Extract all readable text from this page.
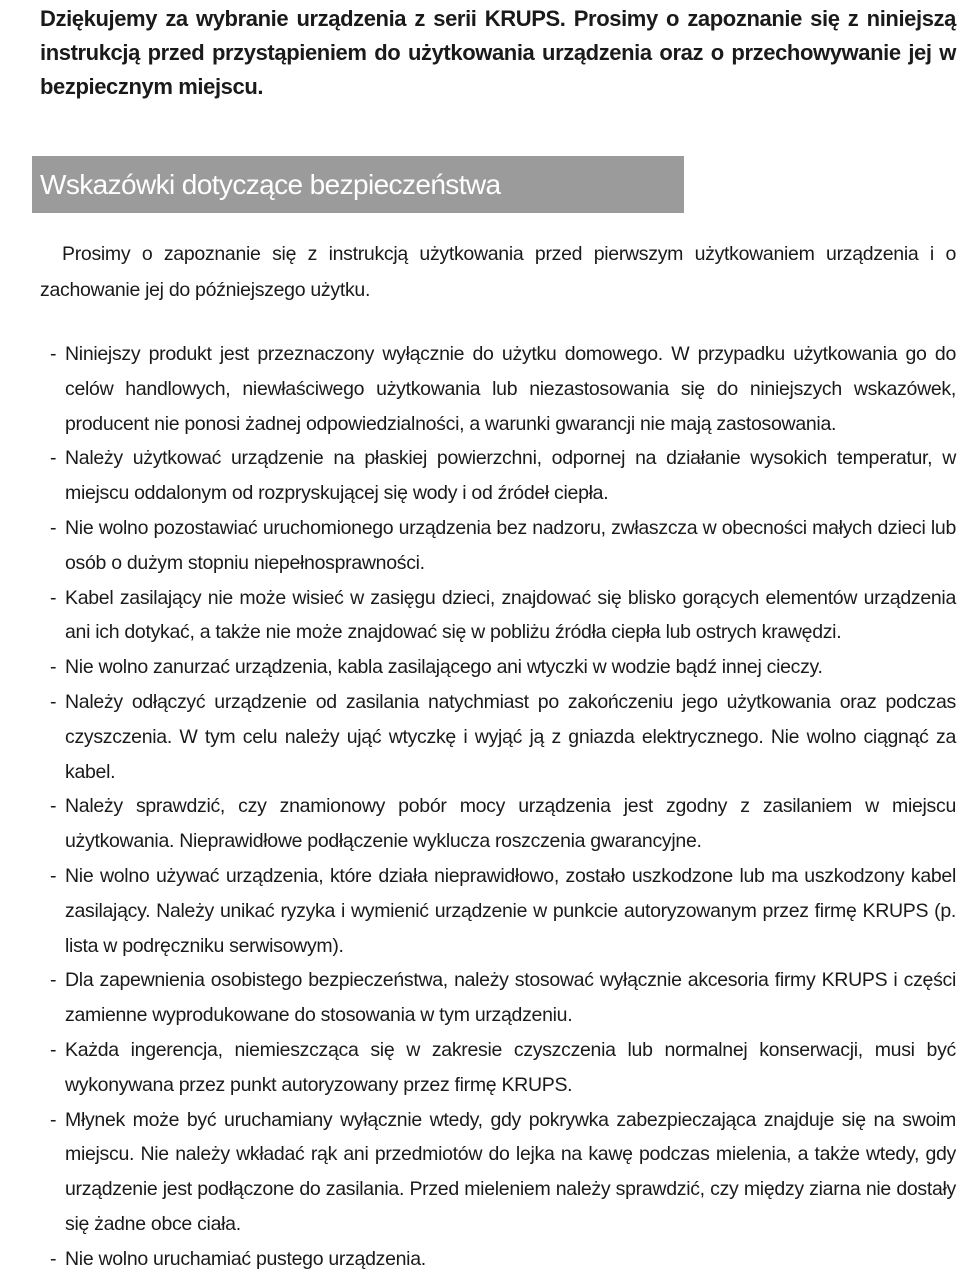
Dziękujemy za wybranie urządzenia z serii KRUPS. Prosimy o zapoznanie się z niniejszą instrukcją przed przystąpieniem do użytkowania urządzenia oraz o przechowywanie jej w bezpiecznym miejscu.
Wskazówki dotyczące bezpieczeństwa

Prosimy o zapoznanie się z instrukcją użytkowania przed pierwszym użytkowaniem urządzenia i o zachowanie jej do późniejszego użytku.

- Niniejszy produkt jest przeznaczony wyłącznie do użytku domowego. W przypadku użytkowania go do celów handlowych, niewłaściwego użytkowania lub niezastosowania się do niniejszych wskazówek, producent nie ponosi żadnej odpowiedzialności, a warunki gwarancji nie mają zastosowania.
- Należy użytkować urządzenie na płaskiej powierzchni, odpornej na działanie wysokich temperatur, w miejscu oddalonym od rozpryskującej się wody i od źródeł ciepła.
- Nie wolno pozostawiać uruchomionego urządzenia bez nadzoru, zwłaszcza w obecności małych dzieci lub osób o dużym stopniu niepełnosprawności.
- Kabel zasilający nie może wisieć w zasięgu dzieci, znajdować się blisko gorących elementów urządzenia ani ich dotykać, a także nie może znajdować się w pobliżu źródła ciepła lub ostrych krawędzi.
- Nie wolno zanurzać urządzenia, kabla zasilającego ani wtyczki w wodzie bądź innej cieczy.
- Należy odłączyć urządzenie od zasilania natychmiast po zakończeniu jego użytkowania oraz podczas czyszczenia. W tym celu należy ująć wtyczkę i wyjąć ją z gniazda elektrycznego. Nie wolno ciągnąć za kabel.
- Należy sprawdzić, czy znamionowy pobór mocy urządzenia jest zgodny z zasilaniem w miejscu użytkowania. Nieprawidłowe podłączenie wyklucza roszczenia gwarancyjne.
- Nie wolno używać urządzenia, które działa nieprawidłowo, zostało uszkodzone lub ma uszkodzony kabel zasilający. Należy unikać ryzyka i wymienić urządzenie w punkcie autoryzowanym przez firmę KRUPS (p. lista w podręczniku serwisowym).
- Dla zapewnienia osobistego bezpieczeństwa, należy stosować wyłącznie akcesoria firmy KRUPS i części zamienne wyprodukowane do stosowania w tym urządzeniu.
- Każda ingerencja, niemieszcząca się w zakresie czyszczenia lub normalnej konserwacji, musi być wykonywana przez punkt autoryzowany przez firmę KRUPS.
- Młynek może być uruchamiany wyłącznie wtedy, gdy pokrywka zabezpieczająca znajduje się na swoim miejscu. Nie należy wkładać rąk ani przedmiotów do lejka na kawę podczas mielenia, a także wtedy, gdy urządzenie jest podłączone do zasilania. Przed mieleniem należy sprawdzić, czy między ziarna nie dostały się żadne obce ciała.
- Nie wolno uruchamiać pustego urządzenia.
